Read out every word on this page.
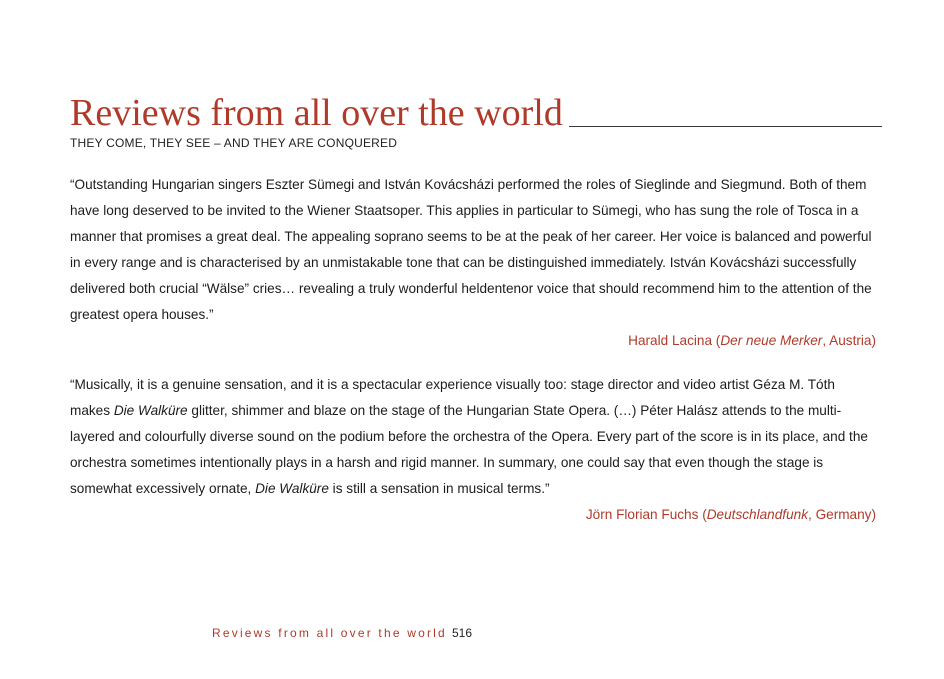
Reviews from all over the world
THEY COME, THEY SEE – AND THEY ARE CONQUERED

“Outstanding Hungarian singers Eszter Sümegi and István Kovácsházi performed the roles of Sieglinde and Siegmund. Both of them have long deserved to be invited to the Wiener Staatsoper. This applies in particular to Sümegi, who has sung the role of Tosca in a manner that promises a great deal. The appealing soprano seems to be at the peak of her career. Her voice is balanced and powerful in every range and is characterised by an unmistakable tone that can be distinguished immediately. István Kovácsházi successfully delivered both crucial “Wälse” cries… revealing a truly wonderful heldentenor voice that should recommend him to the attention of the greatest opera houses.”

Harald Lacina (Der neue Merker, Austria)

“Musically, it is a genuine sensation, and it is a spectacular experience visually too: stage director and video artist Géza M. Tóth makes Die Walküre glitter, shimmer and blaze on the stage of the Hungarian State Opera. (…) Péter Halász attends to the multi-layered and colourfully diverse sound on the podium before the orchestra of the Opera. Every part of the score is in its place, and the orchestra sometimes intentionally plays in a harsh and rigid manner. In summary, one could say that even though the stage is somewhat excessively ornate, Die Walküre is still a sensation in musical terms.”

Jörn Florian Fuchs (Deutschlandfunk, Germany)

Reviews from all over the world 516
